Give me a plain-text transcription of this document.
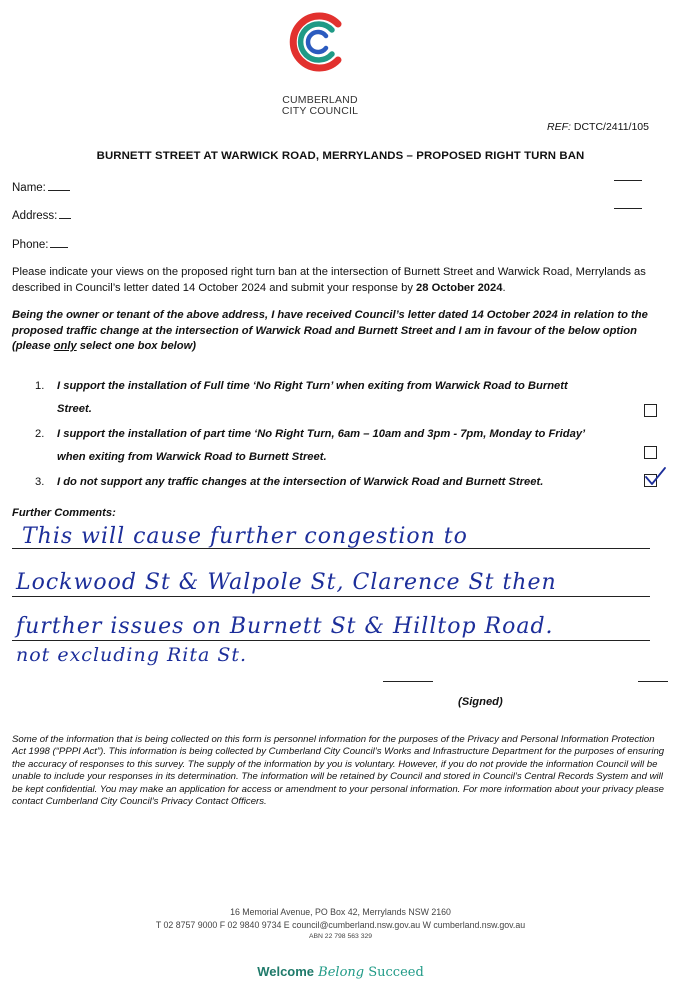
CUMBERLAND
CITY COUNCIL
REF: DCTC/2411/105
BURNETT STREET AT WARWICK ROAD, MERRYLANDS – PROPOSED RIGHT TURN BAN
Name:
Address:
Phone:
Please indicate your views on the proposed right turn ban at the intersection of Burnett Street and Warwick Road, Merrylands as described in Council’s letter dated 14 October 2024 and submit your response by 28 October 2024.
Being the owner or tenant of the above address, I have received Council’s letter dated 14 October 2024 in relation to the proposed traffic change at the intersection of Warwick Road and Burnett Street and I am in favour of the below option (please only select one box below)
1. I support the installation of Full time ‘No Right Turn’ when exiting from Warwick Road to Burnett
Street.
2. I support the installation of part time ‘No Right Turn, 6am – 10am and 3pm - 7pm, Monday to Friday’
when exiting from Warwick Road to Burnett Street.
3. I do not support any traffic changes at the intersection of Warwick Road and Burnett Street.
Further Comments:
This will cause further congestion to
Lockwood St & Walpole St, Clarence St then
further issues on Burnett St & Hilltop Road.
not excluding Rita St.
(Signed)
Some of the information that is being collected on this form is personnel information for the purposes of the Privacy and Personal Information Protection Act 1998 (“PPPI Act”). This information is being collected by Cumberland City Council’s Works and Infrastructure Department for the purposes of ensuring the accuracy of responses to this survey. The supply of the information by you is voluntary. However, if you do not provide the information Council will be unable to include your responses in its determination. The information will be retained by Council and stored in Council’s Central Records System and will be kept confidential. You may make an application for access or amendment to your personal information. For more information about your privacy please contact Cumberland City Council’s Privacy Contact Officers.
16 Memorial Avenue, PO Box 42, Merrylands NSW 2160
T 02 8757 9000 F 02 9840 9734 E council@cumberland.nsw.gov.au W cumberland.nsw.gov.au
ABN 22 798 563 329
Welcome Belong Succeed
